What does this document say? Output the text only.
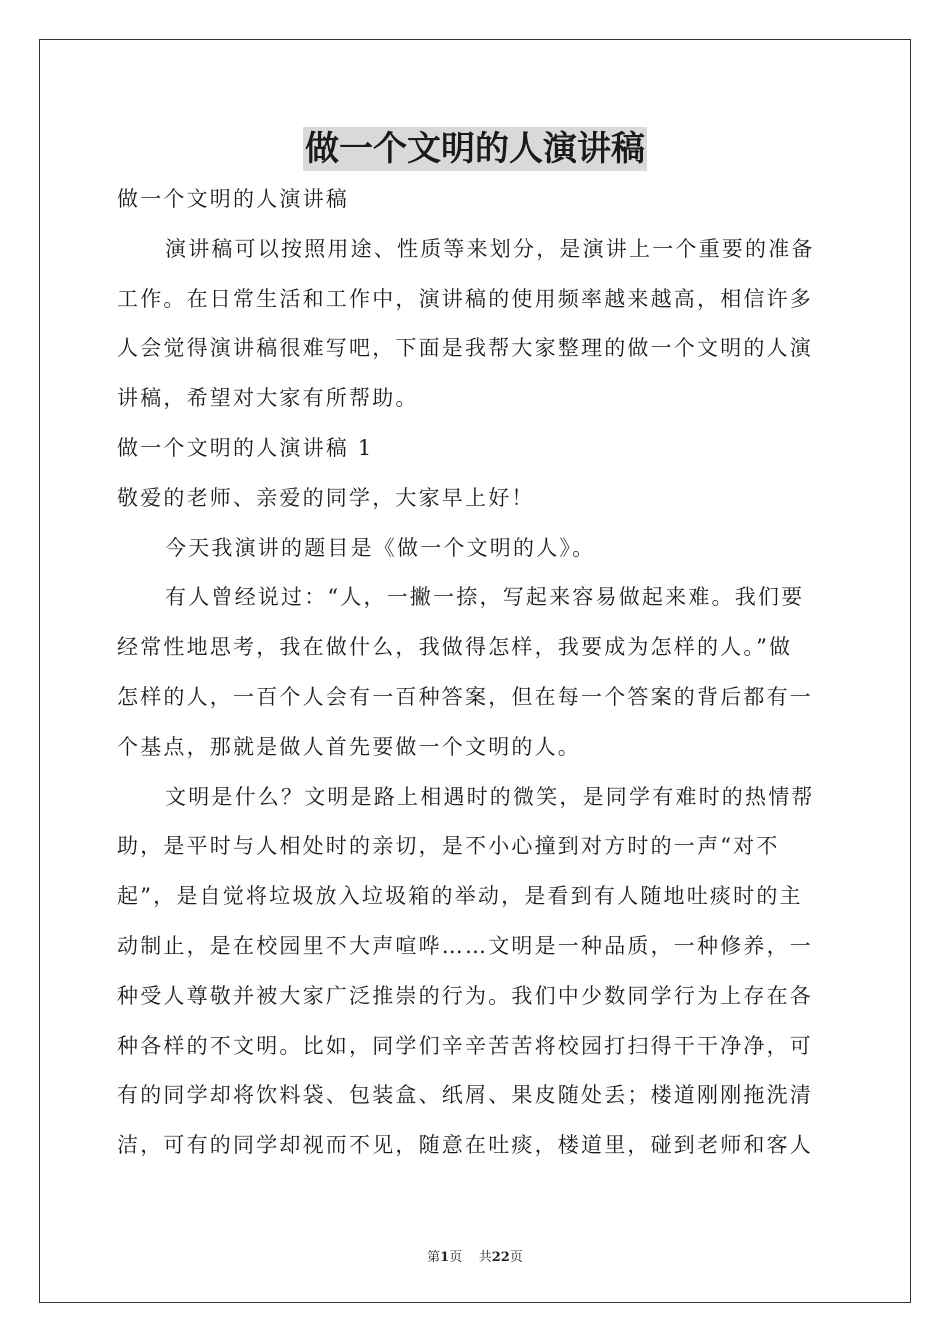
做一个文明的人演讲稿
做一个文明的人演讲稿
演讲稿可以按照用途、性质等来划分，是演讲上一个重要的准备
工作。在日常生活和工作中，演讲稿的使用频率越来越高，相信许多
人会觉得演讲稿很难写吧，下面是我帮大家整理的做一个文明的人演
讲稿，希望对大家有所帮助。
做一个文明的人演讲稿 1
敬爱的老师、亲爱的同学，大家早上好！
今天我演讲的题目是《做一个文明的人》。
有人曾经说过：“人，一撇一捺，写起来容易做起来难。我们要
经常性地思考，我在做什么，我做得怎样，我要成为怎样的人。”做
怎样的人，一百个人会有一百种答案，但在每一个答案的背后都有一
个基点，那就是做人首先要做一个文明的人。
文明是什么？文明是路上相遇时的微笑，是同学有难时的热情帮
助，是平时与人相处时的亲切，是不小心撞到对方时的一声“对不
起”，是自觉将垃圾放入垃圾箱的举动，是看到有人随地吐痰时的主
动制止，是在校园里不大声喧哗……文明是一种品质，一种修养，一
种受人尊敬并被大家广泛推崇的行为。我们中少数同学行为上存在各
种各样的不文明。比如，同学们辛辛苦苦将校园打扫得干干净净，可
有的同学却将饮料袋、包装盒、纸屑、果皮随处丢；楼道刚刚拖洗清
洁，可有的同学却视而不见，随意在吐痰，楼道里，碰到老师和客人
第1页 共22页
